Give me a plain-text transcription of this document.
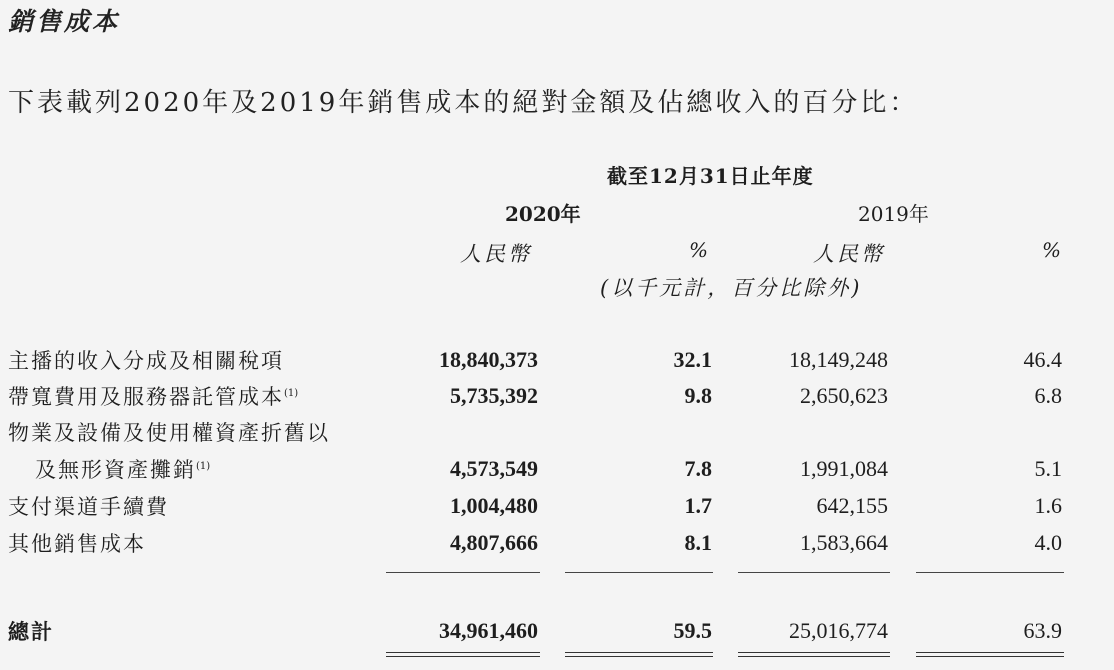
銷售成本
下表載列2020年及2019年銷售成本的絕對金額及佔總收入的百分比：
截至12月31日止年度
2020年	2019年
人民幣	%	人民幣	%
(以千元計，百分比除外)
主播的收入分成及相關稅項	18,840,373	32.1	18,149,248	46.4
帶寬費用及服務器託管成本$^{(1)}$	5,735,392	9.8	2,650,623	6.8
物業及設備及使用權資產折舊以
及無形資產攤銷$^{(1)}$	4,573,549	7.8	1,991,084	5.1
支付渠道手續費	1,004,480	1.7	642,155	1.6
其他銷售成本	4,807,666	8.1	1,583,664	4.0
總計	34,961,460	59.5	25,016,774	63.9
